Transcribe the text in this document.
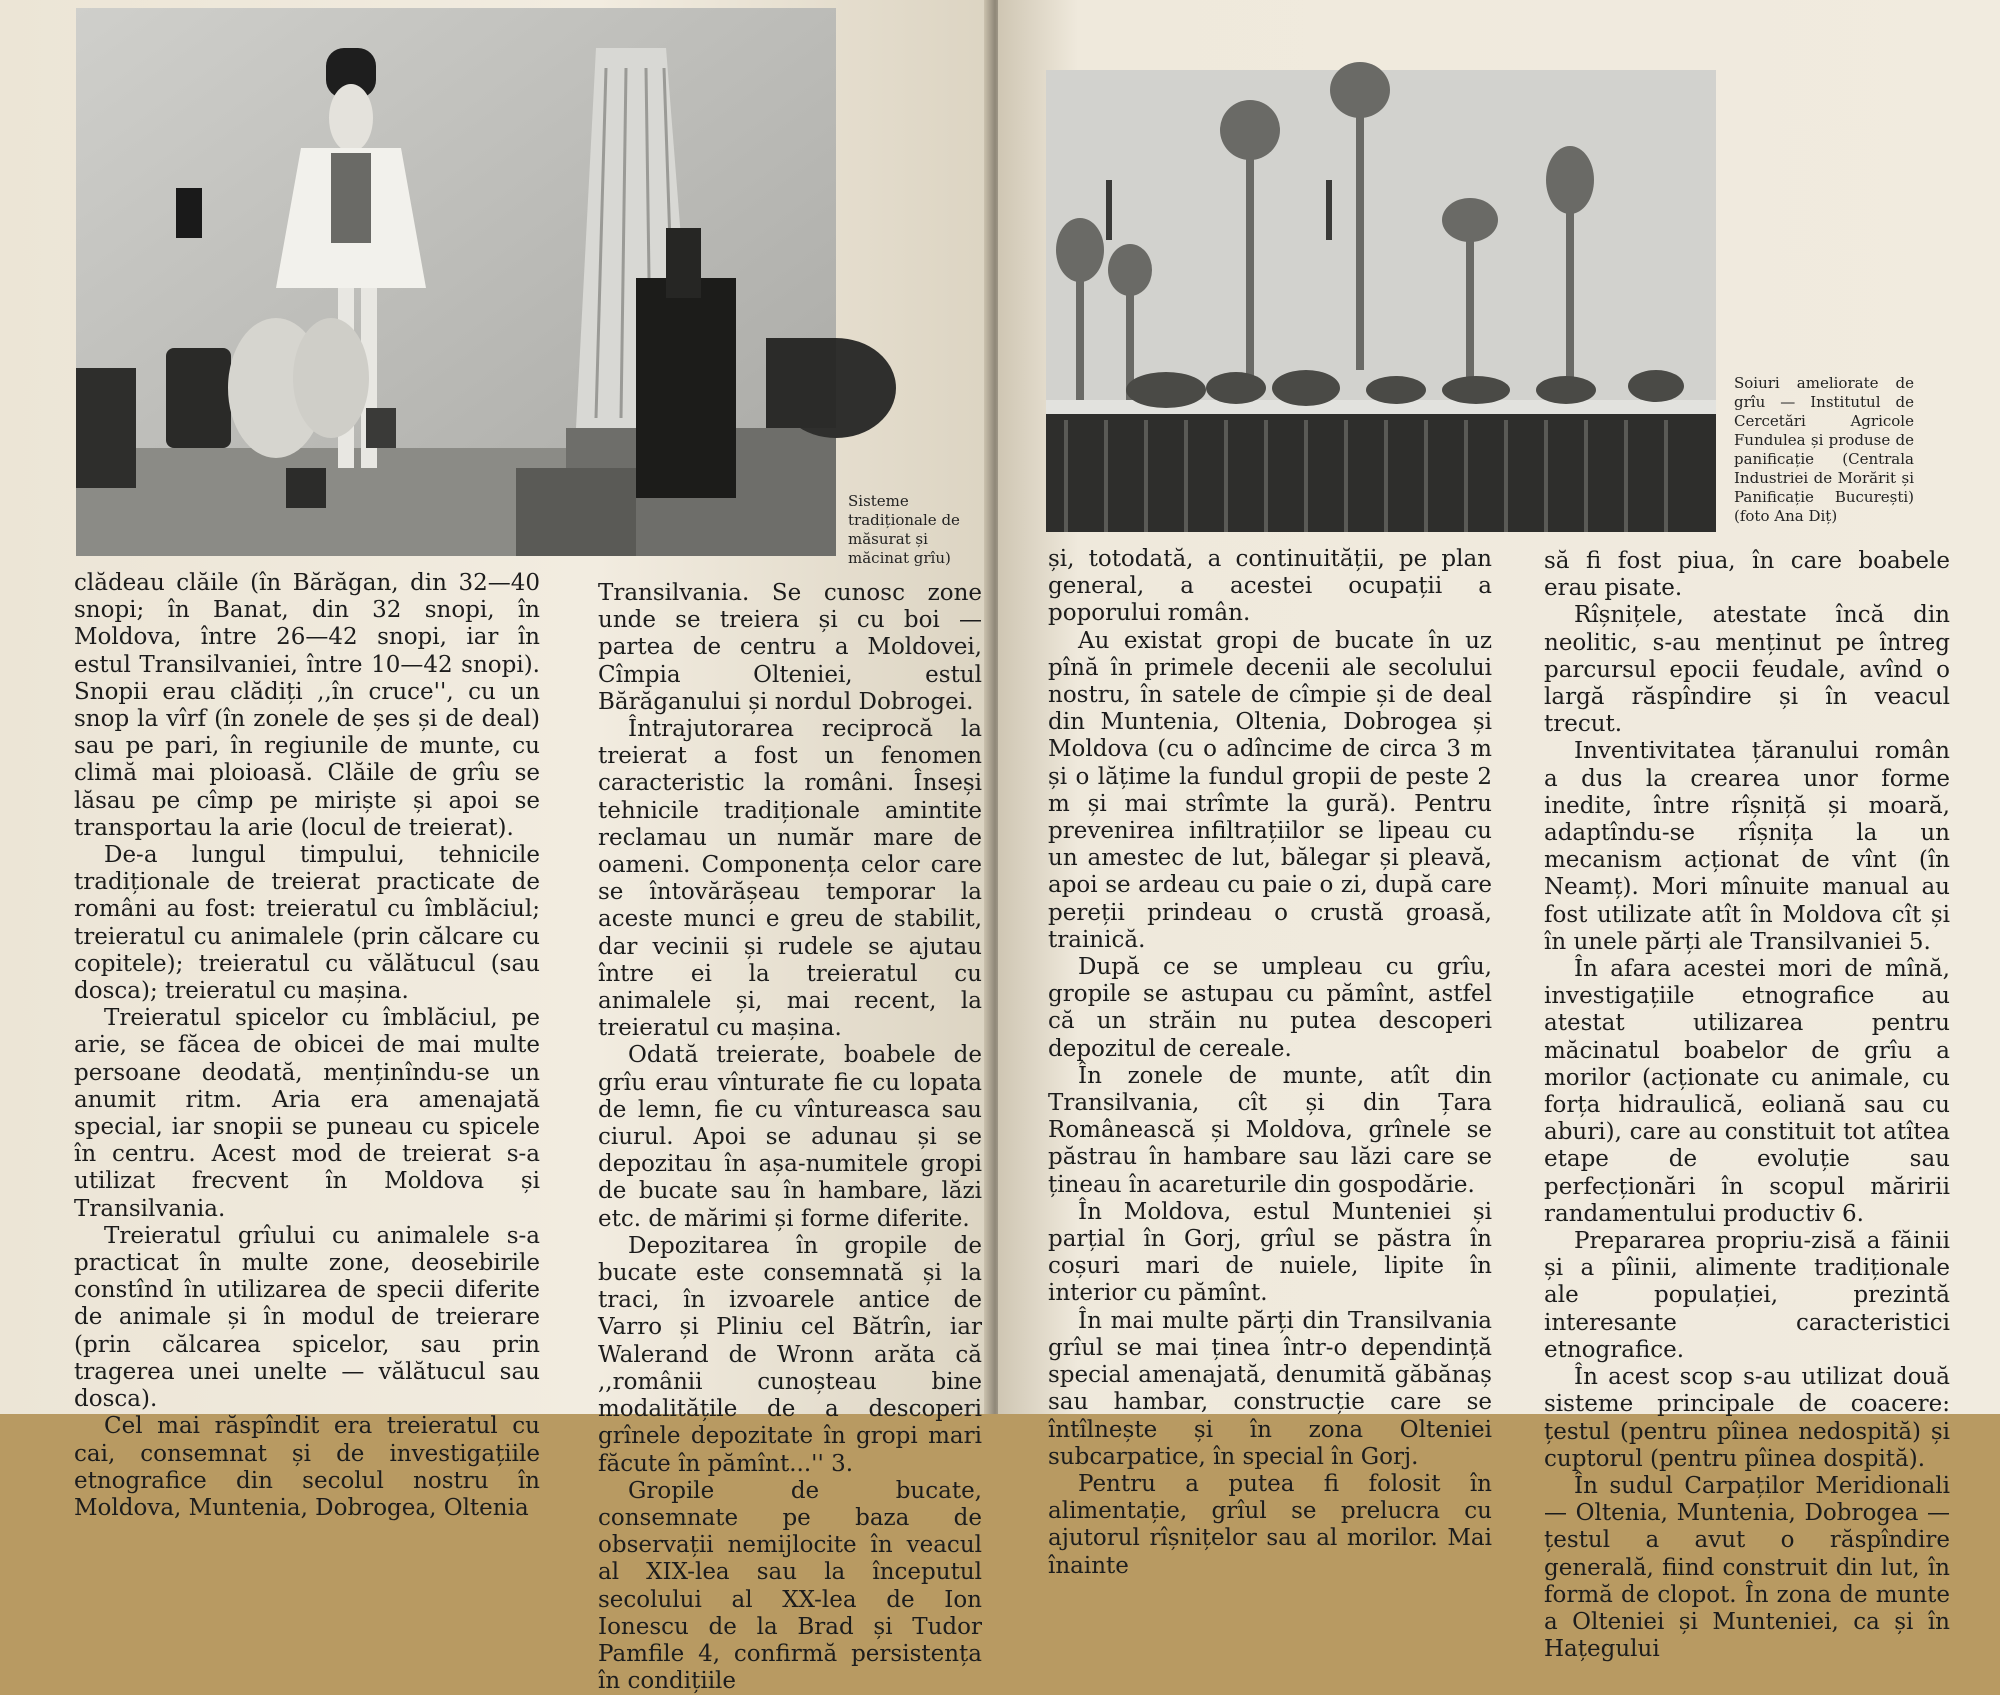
Sisteme tradiționale de măsurat și măcinat grîu)

clădeau clăile (în Bărăgan, din 32—40 snopi; în Banat, din 32 snopi, în Moldova, între 26—42 snopi, iar în estul Transilvaniei, între 10—42 snopi). Snopii erau clădiți ,,în cruce'', cu un snop la vîrf (în zonele de șes și de deal) sau pe pari, în regiunile de munte, cu climă mai ploioasă. Clăile de grîu se lăsau pe cîmp pe miriște și apoi se transportau la arie (locul de treierat).

De-a lungul timpului, tehnicile tradiționale de treierat practicate de români au fost: treieratul cu îmblăciul; treieratul cu animalele (prin călcare cu copitele); treieratul cu vălătucul (sau dosca); treieratul cu mașina.

Treieratul spicelor cu îmblăciul, pe arie, se făcea de obicei de mai multe persoane deodată, menținîndu-se un anumit ritm. Aria era amenajată special, iar snopii se puneau cu spicele în centru. Acest mod de treierat s-a utilizat frecvent în Moldova și Transilvania.

Treieratul grîului cu animalele s-a practicat în multe zone, deosebirile constînd în utilizarea de specii diferite de animale și în modul de treierare (prin călcarea spicelor, sau prin tragerea unei unelte — vălătucul sau dosca).

Cel mai răspîndit era treieratul cu cai, consemnat și de investigațiile etnografice din secolul nostru în Moldova, Muntenia, Dobrogea, Oltenia

Transilvania. Se cunosc zone unde se treiera și cu boi — partea de centru a Moldovei, Cîmpia Olteniei, estul Bărăganului și nordul Dobrogei.

Întrajutorarea reciprocă la treierat a fost un fenomen caracteristic la români. Înseși tehnicile tradiționale amintite reclamau un număr mare de oameni. Componența celor care se întovărășeau temporar la aceste munci e greu de stabilit, dar vecinii și rudele se ajutau între ei la treieratul cu animalele și, mai recent, la treieratul cu mașina.

Odată treierate, boabele de grîu erau vînturate fie cu lopata de lemn, fie cu vîntureasca sau ciurul. Apoi se adunau și se depozitau în așa-numitele gropi de bucate sau în hambare, lăzi etc. de mărimi și forme diferite.

Depozitarea în gropile de bucate este consemnată și la traci, în izvoarele antice de Varro și Pliniu cel Bătrîn, iar Walerand de Wronn arăta că ,,românii cunoșteau bine modalitățile de a descoperi grînele depozitate în gropi mari făcute în pămînt...'' 3.

Gropile de bucate, consemnate pe baza de observații nemijlocite în veacul al XIX-lea sau la începutul secolului al XX-lea de Ion Ionescu de la Brad și Tudor Pamfile 4, confirmă persistența în condițiile

Soiuri ameliorate de grîu — Institutul de Cercetări Agricole Fundulea și produse de panificație (Centrala Industriei de Morărit și Panificație București) (foto Ana Diț)

și, totodată, a continuității, pe plan general, a acestei ocupații a poporului român.

Au existat gropi de bucate în uz pînă în primele decenii ale secolului nostru, în satele de cîmpie și de deal din Muntenia, Oltenia, Dobrogea și Moldova (cu o adîncime de circa 3 m și o lățime la fundul gropii de peste 2 m și mai strîmte la gură). Pentru prevenirea infiltrațiilor se lipeau cu un amestec de lut, bălegar și pleavă, apoi se ardeau cu paie o zi, după care pereții prindeau o crustă groasă, trainică.

După ce se umpleau cu grîu, gropile se astupau cu pămînt, astfel că un străin nu putea descoperi depozitul de cereale.

În zonele de munte, atît din Transilvania, cît și din Țara Românească și Moldova, grînele se păstrau în hambare sau lăzi care se țineau în acareturile din gospodărie.

În Moldova, estul Munteniei și parțial în Gorj, grîul se păstra în coșuri mari de nuiele, lipite în interior cu pămînt.

În mai multe părți din Transilvania grîul se mai ținea într-o dependință special amenajată, denumită găbănaș sau hambar, construcție care se întîlnește și în zona Olteniei subcarpatice, în special în Gorj.

Pentru a putea fi folosit în alimentație, grîul se prelucra cu ajutorul rîșnițelor sau al morilor. Mai înainte

să fi fost piua, în care boabele erau pisate.

Rîșnițele, atestate încă din neolitic, s-au menținut pe întreg parcursul epocii feudale, avînd o largă răspîndire și în veacul trecut.

Inventivitatea țăranului român a dus la crearea unor forme inedite, între rîșniță și moară, adaptîndu-se rîșnița la un mecanism acționat de vînt (în Neamț). Mori mînuite manual au fost utilizate atît în Moldova cît și în unele părți ale Transilvaniei 5.

În afara acestei mori de mînă, investigațiile etnografice au atestat utilizarea pentru măcinatul boabelor de grîu a morilor (acționate cu animale, cu forța hidraulică, eoliană sau cu aburi), care au constituit tot atîtea etape de evoluție sau perfecționări în scopul măririi randamentului productiv 6.

Prepararea propriu-zisă a făinii și a pîinii, alimente tradiționale ale populației, prezintă interesante caracteristici etnografice.

În acest scop s-au utilizat două sisteme principale de coacere: țestul (pentru pîinea nedospită) și cuptorul (pentru pîinea dospită).

În sudul Carpaților Meridionali — Oltenia, Muntenia, Dobrogea — țestul a avut o răspîndire generală, fiind construit din lut, în formă de clopot. În zona de munte a Olteniei și Munteniei, ca și în Hațegului
